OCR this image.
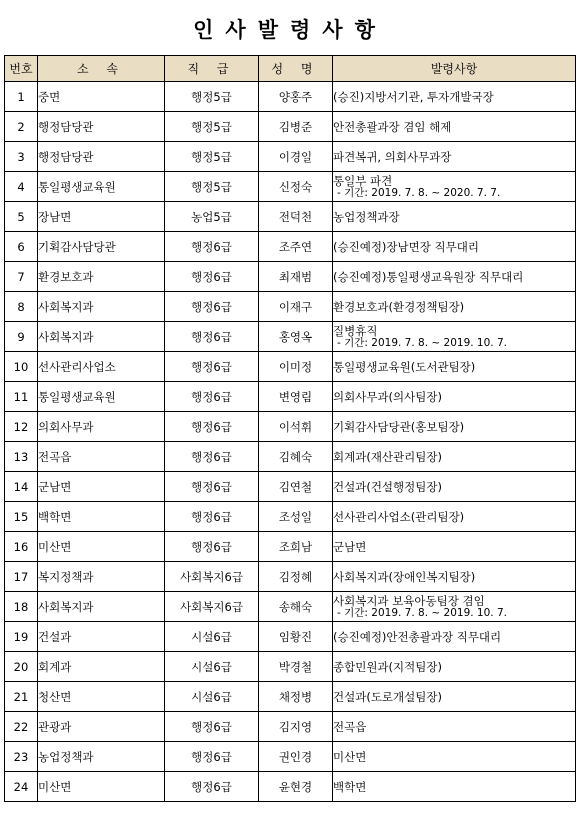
인사발령사항
번호	소 속	직 급	성 명	발령사항
1	중면	행정5급	양홍주	(승진)지방서기관, 투자개발국장
2	행정담당관	행정5급	김병준	안전총괄과장 겸임 해제
3	행정담당관	행정5급	이경일	파견복귀, 의회사무과장
4	통일평생교육원	행정5급	신정숙	통일부 파견
- 기간: 2019. 7. 8. ~ 2020. 7. 7.

5	장남면	농업5급	전덕천	농업정책과장
6	기획감사담당관	행정6급	조주연	(승진예정)장남면장 직무대리
7	환경보호과	행정6급	최재범	(승진예정)통일평생교육원장 직무대리
8	사회복지과	행정6급	이재구	환경보호과(환경정책팀장)
9	사회복지과	행정6급	홍영옥	질병휴직
- 기간: 2019. 7. 8. ~ 2019. 10. 7.

10	선사관리사업소	행정6급	이미정	통일평생교육원(도서관팀장)
11	통일평생교육원	행정6급	변영림	의회사무과(의사팀장)
12	의회사무과	행정6급	이석휘	기획감사담당관(홍보팀장)
13	전곡읍	행정6급	김혜숙	회계과(재산관리팀장)
14	군남면	행정6급	김연철	건설과(건설행정팀장)
15	백학면	행정6급	조성일	선사관리사업소(관리팀장)
16	미산면	행정6급	조희남	군남면
17	복지정책과	사회복지6급	김정혜	사회복지과(장애인복지팀장)
18	사회복지과	사회복지6급	송해숙	사회복지과 보육아동팀장 겸임
- 기간: 2019. 7. 8. ~ 2019. 10. 7.

19	건설과	시설6급	임황진	(승진예정)안전총괄과장 직무대리
20	회계과	시설6급	박경철	종합민원과(지적팀장)
21	청산면	시설6급	채정병	건설과(도로개설팀장)
22	관광과	행정6급	김지영	전곡읍
23	농업정책과	행정6급	권인경	미산면
24	미산면	행정6급	윤현경	백학면
